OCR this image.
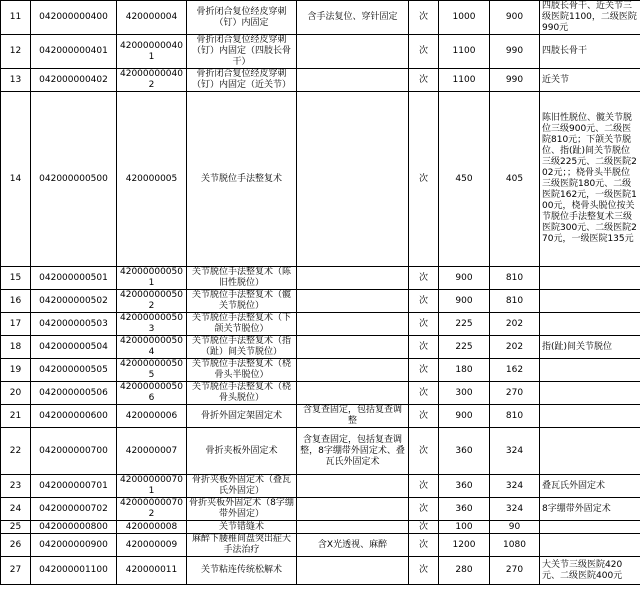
11	042000000400	420000004	骨折闭合复位经皮穿刺（钉）内固定	含手法复位、穿针固定	次	1000	900	四肢长骨干、近关节三级医院1100，二级医院990元
12	042000000401	420000000401	骨折闭合复位经皮穿刺（钉）内固定（四肢长骨干）		次	1100	990	四肢长骨干
13	042000000402	420000000402	骨折闭合复位经皮穿刺（钉）内固定（近关节）		次	1100	990	近关节
14	042000000500	420000005	关节脱位手法整复术		次	450	405	陈旧性脱位、髋关节脱位三级900元、二级医院810元；下颌关节脱位、指(趾)间关节脱位三级225元、二级医院202元；；桡骨头半脱位三级医院180元、二级医院162元，一级医院100元，桡骨头脱位按关节脱位手法整复术三级医院300元、二级医院270元，一级医院135元
15	042000000501	420000000501	关节脱位手法整复术（陈旧性脱位）		次	900	810	
16	042000000502	420000000502	关节脱位手法整复术（髋关节脱位）		次	900	810	
17	042000000503	420000000503	关节脱位手法整复术（下颌关节脱位）		次	225	202	
18	042000000504	420000000504	关节脱位手法整复术（指（趾）间关节脱位）		次	225	202	指(趾)间关节脱位
19	042000000505	420000000505	关节脱位手法整复术（桡骨头半脱位）		次	180	162	
20	042000000506	420000000506	关节脱位手法整复术（桡骨头脱位）		次	300	270	
21	042000000600	420000006	骨折外固定架固定术	含复查固定，包括复查调整	次	900	810	
22	042000000700	420000007	骨折夹板外固定术	含复查固定，包括复查调整，8字绷带外固定术、叠瓦氏外固定术	次	360	324	
23	042000000701	420000000701	骨折夹板外固定术（叠瓦氏外固定）		次	360	324	叠瓦氏外固定术
24	042000000702	420000000702	骨折夹板外固定术（8字绷带外固定）		次	360	324	8字绷带外固定术
25	042000000800	420000008	关节错缝术		次	100	90	
26	042000000900	420000009	麻醉下腰椎间盘突出症大手法治疗	含X光透视、麻醉	次	1200	1080	
27	042000001100	420000011	关节粘连传统松解术		次	280	270	大关节三级医院420元、二级医院400元
